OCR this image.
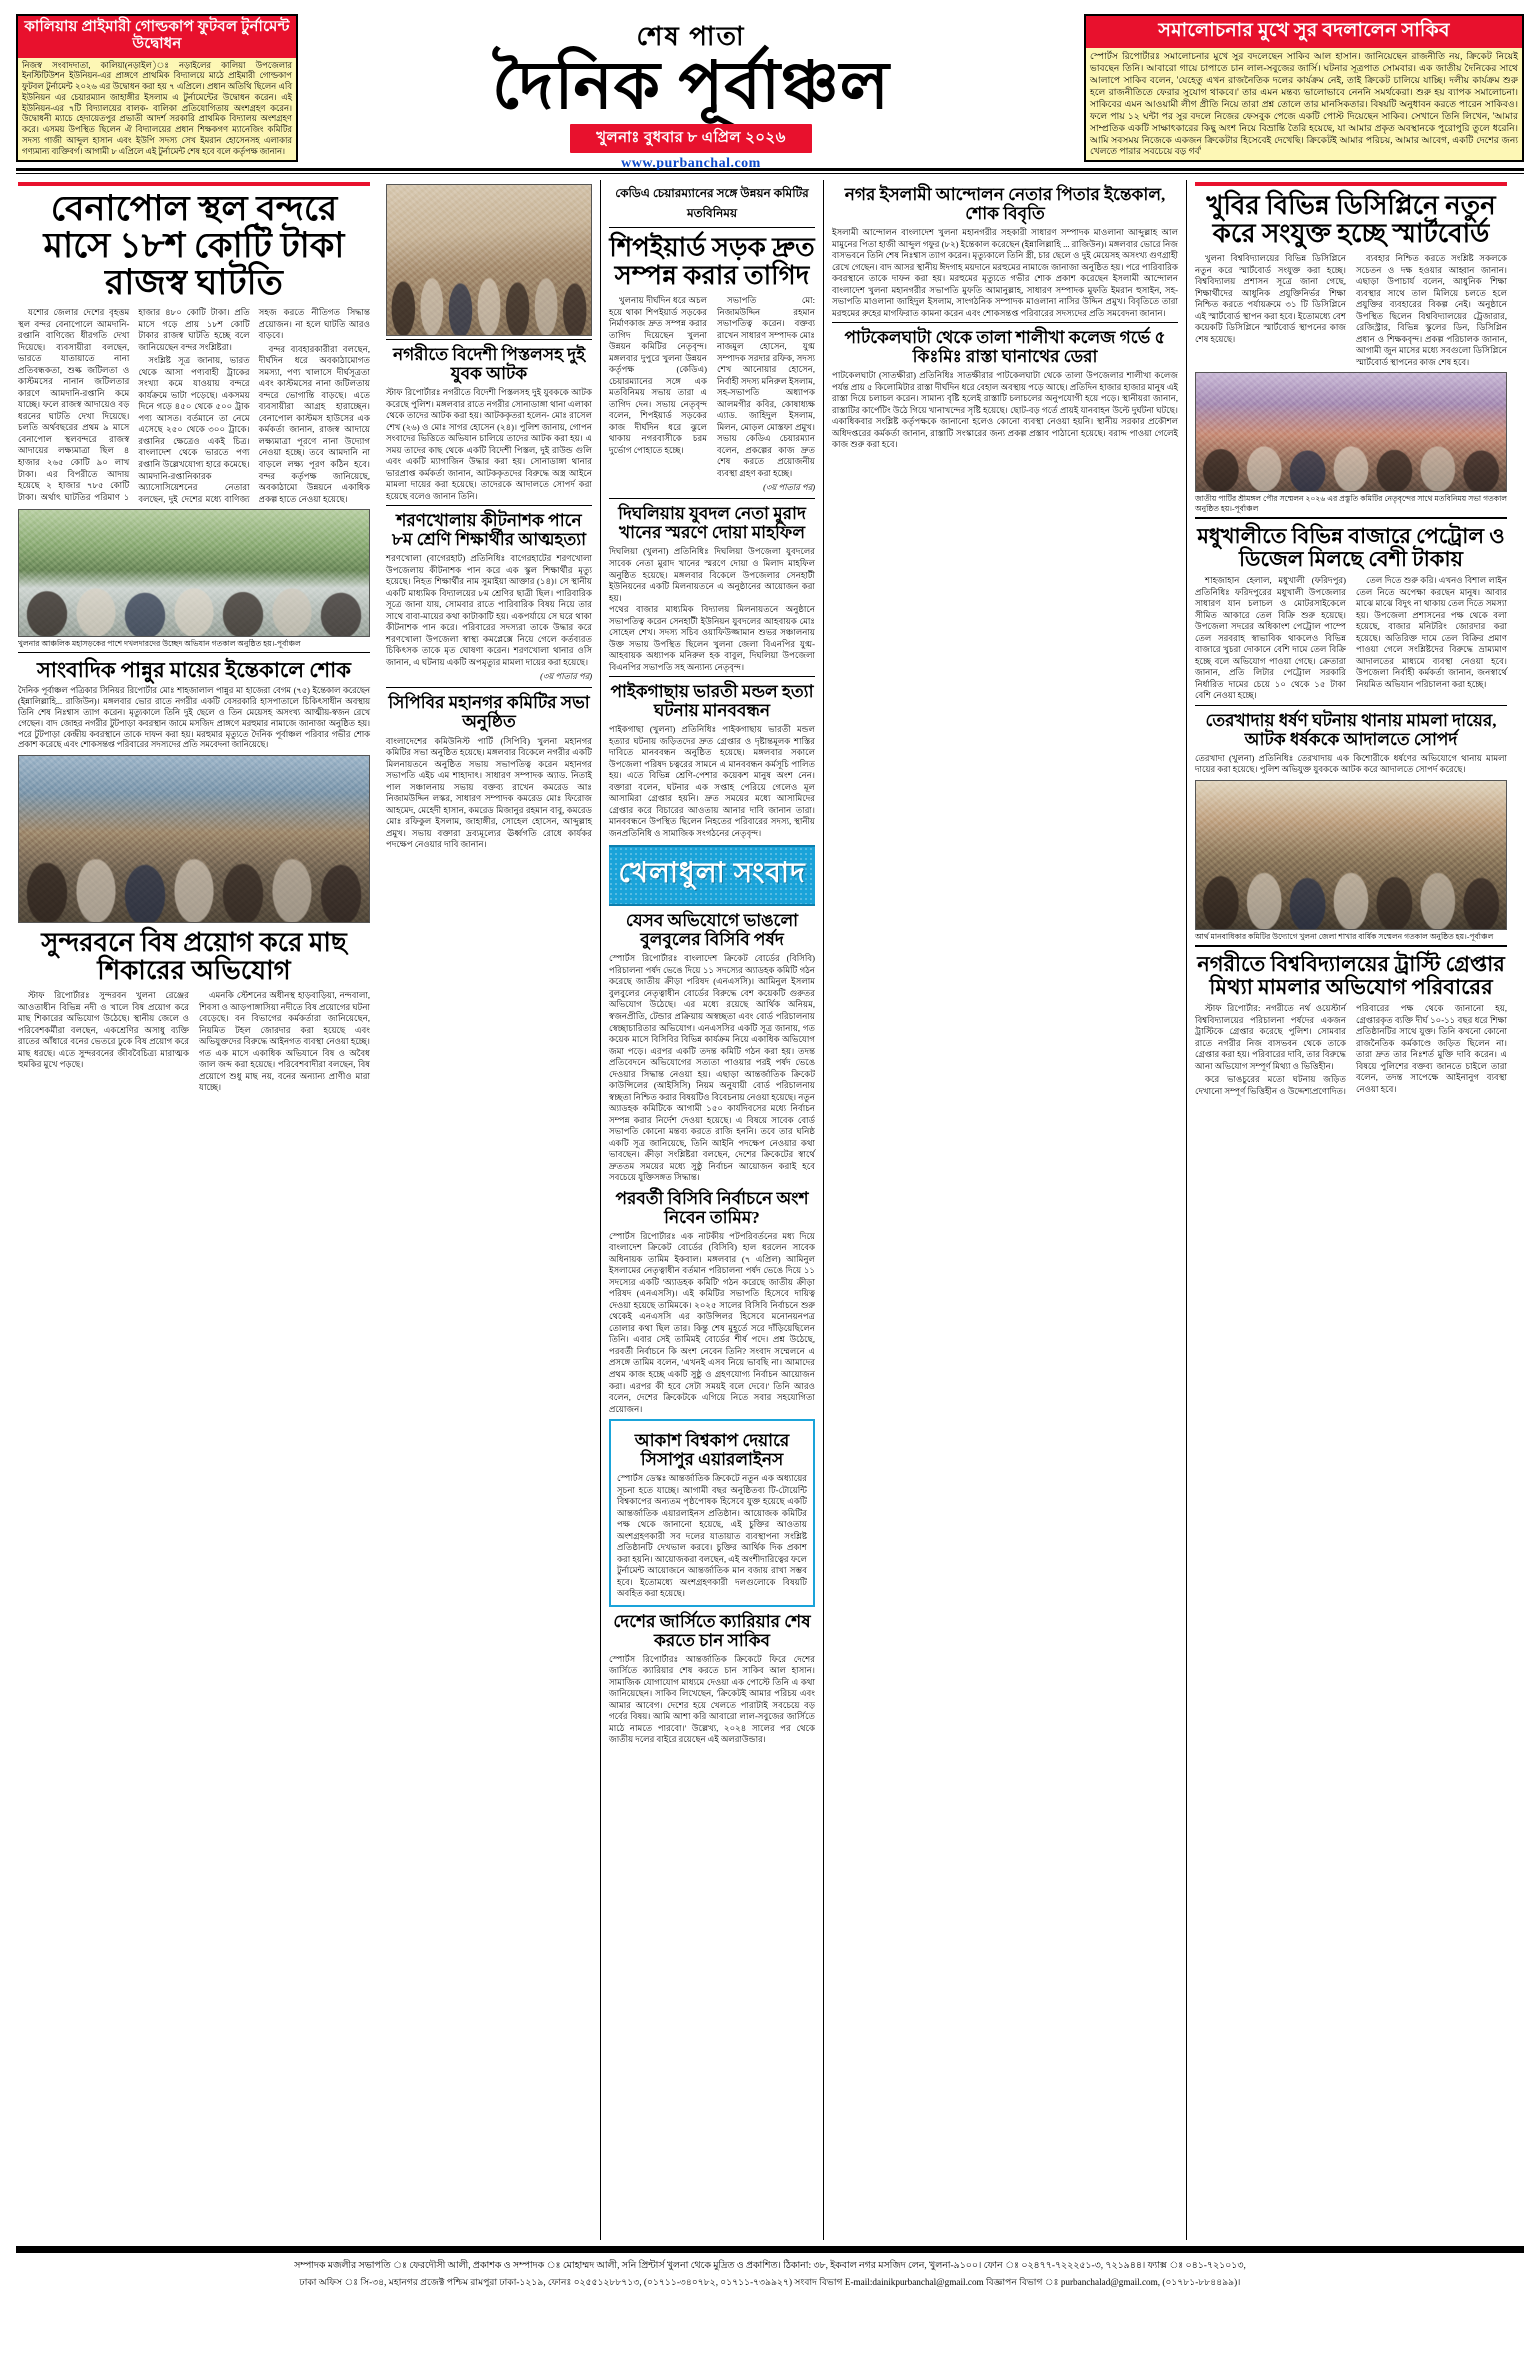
কালিয়ায় প্রাইমারী গোল্ডকাপ ফুটবল টুর্নামেন্ট উদ্বোধন
নিজস্ব সংবাদদাতা, কালিয়া(নড়াইল)ঃ নড়াইলের কালিয়া উপজেলার ইনস্টিটিউশন ইউনিয়ন-এর প্রাঙ্গণে প্রাথমিক বিদ্যালয়ে মাঠে প্রাইমারী গোল্ডকাপ ফুটবল টুর্নামেন্ট ২০২৬ এর উদ্বোধন করা হয় ৭ এপ্রিলে। প্রধান অতিথি ছিলেন এবি ইউনিয়ন এর চেয়ারম্যান জাহাঙ্গীর ইসলাম এ টুর্নামেন্টের উদ্বোধন করেন। এই ইউনিয়ন-এর ৭টি বিদ্যালয়ের বালক- বালিকা প্রতিযোগিতায় অংশগ্রহণ করেন। উদ্বোধনী ম্যাচে হেদায়েতপুর প্রভাতী আদর্শ সরকারি প্রাথমিক বিদ্যালয় অংশগ্রহণ করে। এসময় উপস্থিত ছিলেন ঐ বিদ্যালয়ের প্রধান শিক্ষকগণ ম্যানেজিং কমিটির সদস্য গাজী আব্দুল হাসান এবং ইউপি সদস্য সেখ ইমরান হোসেনসহ এলাকার গণ্যমান্য ব্যক্তিবর্গ। আগামী ৮ এপ্রিলে এই টুর্নামেন্ট শেষ হবে বলে কর্তৃপক্ষ জানান।
শেষ পাতা
দৈনিক পূর্বাঞ্চল
খুলনাঃ বুধবার ৮ এপ্রিল ২০২৬
www.purbanchal.com
সমালোচনার মুখে সুর বদলালেন সাকিব
স্পোর্টস রিপোর্টারঃ সমালোচনার মুখে সুর বদলেছেন সাকিব আল হাসান। জানিয়েছেন রাজনীতি নয়, ক্রিকেট নিয়েই ভাবছেন তিনি। আবারো গায়ে চাপাতে চান লাল-সবুজের জার্সি। ঘটনার সূত্রপাত সোমবার। এক জাতীয় দৈনিকের সাথে আলাপে সাকিব বলেন, 'যেহেতু এখন রাজনৈতিক দলের কার্যক্রম নেই, তাই ক্রিকেট চালিয়ে যাচ্ছি। দলীয় কার্যক্রম শুরু হলে রাজনীতিতে ফেরার সুযোগ থাকবে।' তার এমন মন্তব্য ভালোভাবে নেননি সমর্থকেরা। শুরু হয় ব্যাপক সমালোচনা। সাকিবের এমন আওয়ামী লীগ প্রীতি নিয়ে তারা প্রশ্ন তোলে তার মানসিকতার। বিষয়টি অনুধাবন করতে পারেন সাকিবও। ফলে পায় ১২ ঘন্টা পর সুর বদলে নিজের ফেসবুক পেজে একটি পোস্ট দিয়েছেন সাকিব। সেখানে তিনি লিখেন, 'আমার সাম্প্রতিক একটি সাক্ষাৎকারের কিছু অংশ নিয়ে বিভ্রান্তি তৈরি হয়েছে, যা আমার প্রকৃত অবস্থানকে পুরোপুরি তুলে ধরেনি। আমি সবসময় নিজেকে একজন ক্রিকেটার হিসেবেই দেখেছি। ক্রিকেটই আমার পরিচয়, আমার আবেগ, একটি দেশের জন্য খেলতে পারার সবচেয়ে বড় গর্ব'
বেনাপোল স্থল বন্দরে মাসে ১৮শ কোটি টাকা রাজস্ব ঘাটতি

যশোর জেলার দেশের বৃহত্তম স্থল বন্দর বেনাপোলে আমদানি-রপ্তানি বাণিজ্যে ধীরগতি দেখা দিয়েছে। ব্যবসায়ীরা বলছেন, ভারতে যাতায়াতে নানা প্রতিবন্ধকতা, শুল্ক জটিলতা ও কাস্টমসের নানান জটিলতার কারণে আমদানি-রপ্তানি কমে যাচ্ছে। ফলে রাজস্ব আদায়েও বড় ধরনের ঘাটতি দেখা দিয়েছে। চলতি অর্থবছরের প্রথম ৯ মাসে বেনাপোল স্থলবন্দরে রাজস্ব আদায়ের লক্ষ্যমাত্রা ছিল ৪ হাজার ২৬৫ কোটি ৯০ লাখ টাকা। এর বিপরীতে আদায় হয়েছে ২ হাজার ৭৮৫ কোটি টাকা। অর্থাৎ ঘাটতির পরিমাণ ১ হাজার ৪৮০ কোটি টাকা। প্রতি মাসে গড়ে প্রায় ১৮শ কোটি টাকার রাজস্ব ঘাটতি হচ্ছে বলে জানিয়েছেন বন্দর সংশ্লিষ্টরা।

সংশ্লিষ্ট সূত্র জানায়, ভারত থেকে আসা পণ্যবাহী ট্রাকের সংখ্যা কমে যাওয়ায় বন্দরে কার্যক্রমে ভাটা পড়েছে। একসময় দিনে গড়ে ৪৫০ থেকে ৫০০ ট্রাক পণ্য আসত। বর্তমানে তা নেমে এসেছে ২৫০ থেকে ৩০০ ট্রাকে। রপ্তানির ক্ষেত্রেও একই চিত্র। বাংলাদেশ থেকে ভারতে পণ্য রপ্তানি উল্লেখযোগ্য হারে কমেছে। আমদানি-রপ্তানিকারক অ্যাসোসিয়েশনের নেতারা বলছেন, দুই দেশের মধ্যে বাণিজ্য সহজ করতে নীতিগত সিদ্ধান্ত প্রয়োজন। না হলে ঘাটতি আরও বাড়বে।

বন্দর ব্যবহারকারীরা বলছেন, দীর্ঘদিন ধরে অবকাঠামোগত সমস্যা, পণ্য খালাসে দীর্ঘসূত্রতা এবং কাস্টমসের নানা জটিলতায় বন্দরে ভোগান্তি বাড়ছে। এতে ব্যবসায়ীরা আগ্রহ হারাচ্ছেন। বেনাপোল কাস্টমস হাউসের এক কর্মকর্তা জানান, রাজস্ব আদায়ে লক্ষ্যমাত্রা পূরণে নানা উদ্যোগ নেওয়া হচ্ছে। তবে আমদানি না বাড়লে লক্ষ্য পূরণ কঠিন হবে। বন্দর কর্তৃপক্ষ জানিয়েছে, অবকাঠামো উন্নয়নে একাধিক প্রকল্প হাতে নেওয়া হয়েছে।

খুলনার আঞ্চলিক মহাসড়কের পাশে দখলদারদের উচ্ছেদ অভিযান গতকাল অনুষ্ঠিত হয়।-পূর্বাঞ্চল
সাংবাদিক পান্নুর মায়ের ইন্তেকালে শোক
দৈনিক পূর্বাঞ্চল পত্রিকার সিনিয়র রিপোর্টার মোঃ শাহজালাল পান্নুর মা হাজেরা বেগম (৭৫) ইন্তেকাল করেছেন (ইন্নালিল্লাহি... রাজিউন)। মঙ্গলবার ভোর রাতে নগরীর একটি বেসরকারি হাসপাতালে চিকিৎসাধীন অবস্থায় তিনি শেষ নিঃশ্বাস ত্যাগ করেন। মৃত্যুকালে তিনি দুই ছেলে ও তিন মেয়েসহ অসংখ্য আত্মীয়-স্বজন রেখে গেছেন। বাদ জোহর নগরীর টুটপাড়া কবরস্থান জামে মসজিদ প্রাঙ্গণে মরহুমার নামাজে জানাজা অনুষ্ঠিত হয়। পরে টুটপাড়া কেন্দ্রীয় কবরস্থানে তাকে দাফন করা হয়। মরহুমার মৃত্যুতে দৈনিক পূর্বাঞ্চল পরিবার গভীর শোক প্রকাশ করেছে এবং শোকসন্তপ্ত পরিবারের সদস্যদের প্রতি সমবেদনা জানিয়েছে।
সুন্দরবনে বিষ প্রয়োগ করে মাছ শিকারের অভিযোগ

স্টাফ রিপোর্টারঃ সুন্দরবন খুলনা রেঞ্জের আওতাধীন বিভিন্ন নদী ও খালে বিষ প্রয়োগ করে মাছ শিকারের অভিযোগ উঠেছে। স্থানীয় জেলে ও পরিবেশকর্মীরা বলছেন, একশ্রেণির অসাধু ব্যক্তি রাতের আঁধারে বনের ভেতরে ঢুকে বিষ প্রয়োগ করে মাছ ধরছে। এতে সুন্দরবনের জীববৈচিত্র্য মারাত্মক হুমকির মুখে পড়ছে।

এমনকি স্টেশনের অধীনস্থ হাড়বাড়িয়া, নন্দবালা, শিবসা ও আড়পাঙ্গাসিয়া নদীতে বিষ প্রয়োগের ঘটনা বেড়েছে। বন বিভাগের কর্মকর্তারা জানিয়েছেন, নিয়মিত টহল জোরদার করা হয়েছে এবং অভিযুক্তদের বিরুদ্ধে আইনগত ব্যবস্থা নেওয়া হচ্ছে। গত এক মাসে একাধিক অভিযানে বিষ ও অবৈধ জাল জব্দ করা হয়েছে। পরিবেশবাদীরা বলছেন, বিষ প্রয়োগে শুধু মাছ নয়, বনের অন্যান্য প্রাণীও মারা যাচ্ছে।

নগরীতে বিদেশী পিস্তলসহ দুই যুবক আটক
স্টাফ রিপোর্টারঃ নগরীতে বিদেশী পিস্তলসহ দুই যুবককে আটক করেছে পুলিশ। মঙ্গলবার রাতে নগরীর সোনাডাঙ্গা থানা এলাকা থেকে তাদের আটক করা হয়। আটককৃতরা হলেন- মোঃ রাসেল শেখ (২৬) ও মোঃ সাগর হোসেন (২৪)। পুলিশ জানায়, গোপন সংবাদের ভিত্তিতে অভিযান চালিয়ে তাদের আটক করা হয়। এ সময় তাদের কাছ থেকে একটি বিদেশী পিস্তল, দুই রাউন্ড গুলি এবং একটি ম্যাগাজিন উদ্ধার করা হয়। সোনাডাঙ্গা থানার ভারপ্রাপ্ত কর্মকর্তা জানান, আটককৃতদের বিরুদ্ধে অস্ত্র আইনে মামলা দায়ের করা হয়েছে। তাদেরকে আদালতে সোপর্দ করা হয়েছে বলেও জানান তিনি।
শরণখোলায় কীটনাশক পানে ৮ম শ্রেণি শিক্ষার্থীর আত্মহত্যা
শরণখোলা (বাগেরহাট) প্রতিনিধিঃ বাগেরহাটের শরণখোলা উপজেলায় কীটনাশক পান করে এক স্কুল শিক্ষার্থীর মৃত্যু হয়েছে। নিহত শিক্ষার্থীর নাম সুমাইয়া আক্তার (১৪)। সে স্থানীয় একটি মাধ্যমিক বিদ্যালয়ের ৮ম শ্রেণির ছাত্রী ছিল। পারিবারিক সূত্রে জানা যায়, সোমবার রাতে পারিবারিক বিষয় নিয়ে তার সাথে বাবা-মায়ের কথা কাটাকাটি হয়। একপর্যায়ে সে ঘরে থাকা কীটনাশক পান করে। পরিবারের সদস্যরা তাকে উদ্ধার করে শরণখোলা উপজেলা স্বাস্থ্য কমপ্লেক্সে নিয়ে গেলে কর্তব্যরত চিকিৎসক তাকে মৃত ঘোষণা করেন। শরণখোলা থানার ওসি জানান, এ ঘটনায় একটি অপমৃত্যুর মামলা দায়ের করা হয়েছে।
(৩য় পাতার পর)
সিপিবির মহানগর কমিটির সভা অনুষ্ঠিত
বাংলাদেশের কমিউনিস্ট পার্টি (সিপিবি) খুলনা মহানগর কমিটির সভা অনুষ্ঠিত হয়েছে। মঙ্গলবার বিকেলে নগরীর একটি মিলনায়তনে অনুষ্ঠিত সভায় সভাপতিত্ব করেন মহানগর সভাপতি এইচ এম শাহাদাৎ। সাধারণ সম্পাদক অ্যাড. নিতাই পাল সঞ্চালনায় সভায় বক্তব্য রাখেন কমরেড আঃ নিজামউদ্দিন লস্কর, সাধারণ সম্পাদক কমরেড মোঃ ফিরোজ আহমেদ, মেহেদী হাসান, কমরেড মিজানুর রহমান বাবু, কমরেড মোঃ রফিকুল ইসলাম, জাহাঙ্গীর, সোহেল হোসেন, আব্দুল্লাহ প্রমুখ। সভায় বক্তারা দ্রব্যমূল্যের ঊর্ধ্বগতি রোধে কার্যকর পদক্ষেপ নেওয়ার দাবি জানান।
কেডিএ চেয়ারম্যানের সঙ্গে উন্নয়ন কমিটির মতবিনিময়
শিপইয়ার্ড সড়ক দ্রুত সম্পন্ন করার তাগিদ

খুলনায় দীর্ঘদিন ধরে অচল হয়ে থাকা শিপইয়ার্ড সড়কের নির্মাণকাজ দ্রুত সম্পন্ন করার তাগিদ দিয়েছেন খুলনা উন্নয়ন কমিটির নেতৃবৃন্দ। মঙ্গলবার দুপুরে খুলনা উন্নয়ন কর্তৃপক্ষ (কেডিএ) চেয়ারম্যানের সঙ্গে এক মতবিনিময় সভায় তারা এ তাগিদ দেন। সভায় নেতৃবৃন্দ বলেন, শিপইয়ার্ড সড়কের কাজ দীর্ঘদিন ধরে ঝুলে থাকায় নগরবাসীকে চরম দুর্ভোগ পোহাতে হচ্ছে।

সভাপতি মো: নিজামউদ্দিন রহমান সভাপতিত্ব করেন। বক্তব্য রাখেন সাধারণ সম্পাদক মোঃ নাজমুল হোসেন, যুগ্ম সম্পাদক সরদার রফিক, সদস্য শেখ আনোয়ার হোসেন, নির্বাহী সদস্য মনিরুল ইসলাম, সহ-সভাপতি অধ্যাপক আলমগীর কবির, কোষাধ্যক্ষ এ্যাড. জাহিদুল ইসলাম, মিলন, মোড়ল মোস্তফা প্রমুখ। সভায় কেডিএ চেয়ারম্যান বলেন, প্রকল্পের কাজ দ্রুত শেষ করতে প্রয়োজনীয় ব্যবস্থা গ্রহণ করা হচ্ছে।

(৩য় পাতার পর)
দিঘলিয়ায় যুবদল নেতা মুরাদ খানের স্মরণে দোয়া মাহফিল
দিঘলিয়া (খুলনা) প্রতিনিধিঃ দিঘলিয়া উপজেলা যুবদলের সাবেক নেতা মুরাদ খানের স্মরণে দোয়া ও মিলাদ মাহফিল অনুষ্ঠিত হয়েছে। মঙ্গলবার বিকেলে উপজেলার সেনহাটী ইউনিয়নের একটি মিলনায়তনে এ অনুষ্ঠানের আয়োজন করা হয়।
পথের বাজার মাধ্যমিক বিদ্যালয় মিলনায়তনে অনুষ্ঠানে সভাপতিত্ব করেন সেনহাটী ইউনিয়ন যুবদলের আহবায়ক মোঃ সোহেল শেখ। সদস্য সচিব ওয়াফিউজ্জামান শুভর সঞ্চালনায় উক্ত সভায় উপস্থিত ছিলেন খুলনা জেলা বিএনপির যুগ্ম-আহবায়ক অধ্যাপক মনিরুল হক বাবুল, দিঘলিয়া উপজেলা বিএনপির সভাপতি সহ অন্যান্য নেতৃবৃন্দ।
পাইকগাছায় ভারতী মন্ডল হত্যা ঘটনায় মানববন্ধন
পাইকগাছা (খুলনা) প্রতিনিধিঃ পাইকগাছায় ভারতী মন্ডল হত্যার ঘটনায় জড়িতদের দ্রুত গ্রেপ্তার ও দৃষ্টান্তমূলক শাস্তির দাবিতে মানববন্ধন অনুষ্ঠিত হয়েছে। মঙ্গলবার সকালে উপজেলা পরিষদ চত্বরের সামনে এ মানববন্ধন কর্মসূচি পালিত হয়। এতে বিভিন্ন শ্রেণি-পেশার কয়েকশ মানুষ অংশ নেন। বক্তারা বলেন, ঘটনার এক সপ্তাহ পেরিয়ে গেলেও মূল আসামিরা গ্রেপ্তার হয়নি। দ্রুত সময়ের মধ্যে আসামিদের গ্রেপ্তার করে বিচারের আওতায় আনার দাবি জানান তারা। মানববন্ধনে উপস্থিত ছিলেন নিহতের পরিবারের সদস্য, স্থানীয় জনপ্রতিনিধি ও সামাজিক সংগঠনের নেতৃবৃন্দ।
খেলাধুলা সংবাদ
যেসব অভিযোগে ভাঙলো বুলবুলের বিসিবি পর্ষদ
স্পোর্টস রিপোর্টারঃ বাংলাদেশ ক্রিকেট বোর্ডের (বিসিবি) পরিচালনা পর্ষদ ভেঙে দিয়ে ১১ সদস্যের অ্যাডহক কমিটি গঠন করেছে জাতীয় ক্রীড়া পরিষদ (এনএসসি)। আমিনুল ইসলাম বুলবুলের নেতৃত্বাধীন বোর্ডের বিরুদ্ধে বেশ কয়েকটি গুরুতর অভিযোগ উঠেছে। এর মধ্যে রয়েছে আর্থিক অনিয়ম, স্বজনপ্রীতি, টেন্ডার প্রক্রিয়ায় অস্বচ্ছতা এবং বোর্ড পরিচালনায় স্বেচ্ছাচারিতার অভিযোগ। এনএসসির একটি সূত্র জানায়, গত কয়েক মাসে বিসিবির বিভিন্ন কার্যক্রম নিয়ে একাধিক অভিযোগ জমা পড়ে। এরপর একটি তদন্ত কমিটি গঠন করা হয়। তদন্ত প্রতিবেদনে অভিযোগের সত্যতা পাওয়ার পরই পর্ষদ ভেঙে দেওয়ার সিদ্ধান্ত নেওয়া হয়। এছাড়া আন্তর্জাতিক ক্রিকেট কাউন্সিলের (আইসিসি) নিয়ম অনুযায়ী বোর্ড পরিচালনায় স্বচ্ছতা নিশ্চিত করার বিষয়টিও বিবেচনায় নেওয়া হয়েছে। নতুন অ্যাডহক কমিটিকে আগামী ১৫০ কার্যদিবসের মধ্যে নির্বাচন সম্পন্ন করার নির্দেশ দেওয়া হয়েছে। এ বিষয়ে সাবেক বোর্ড সভাপতি কোনো মন্তব্য করতে রাজি হননি। তবে তার ঘনিষ্ঠ একটি সূত্র জানিয়েছে, তিনি আইনি পদক্ষেপ নেওয়ার কথা ভাবছেন। ক্রীড়া সংশ্লিষ্টরা বলছেন, দেশের ক্রিকেটের স্বার্থে দ্রুততম সময়ের মধ্যে সুষ্ঠু নির্বাচন আয়োজন করাই হবে সবচেয়ে যুক্তিসঙ্গত সিদ্ধান্ত।
পরবর্তী বিসিবি নির্বাচনে অংশ নিবেন তামিম?
স্পোর্টস রিপোর্টারঃ এক নাটকীয় পটপরিবর্তনের মধ্য দিয়ে বাংলাদেশ ক্রিকেট বোর্ডের (বিসিবি) হাল ধরলেন সাবেক অধিনায়ক তামিম ইকবাল। মঙ্গলবার (৭ এপ্রিল) আমিনুল ইসলামের নেতৃত্বাধীন বর্তমান পরিচালনা পর্ষদ ভেঙে দিয়ে ১১ সদস্যের একটি 'অ্যাডহক কমিটি' গঠন করেছে জাতীয় ক্রীড়া পরিষদ (এনএসসি)। এই কমিটির সভাপতি হিসেবে দায়িত্ব দেওয়া হয়েছে তামিমকে। ২০২৫ সালের বিসিবি নির্বাচনে শুরু থেকেই এনএসসি এর কাউন্সিলর হিসেবে মনোনয়নপত্র তোলার কথা ছিল তার। কিন্তু শেষ মুহূর্তে সরে দাঁড়িয়েছিলেন তিনি। এবার সেই তামিমই বোর্ডের শীর্ষ পদে। প্রশ্ন উঠেছে, পরবর্তী নির্বাচনে কি অংশ নেবেন তিনি? সংবাদ সম্মেলনে এ প্রসঙ্গে তামিম বলেন, 'এখনই এসব নিয়ে ভাবছি না। আমাদের প্রথম কাজ হচ্ছে একটি সুষ্ঠু ও গ্রহণযোগ্য নির্বাচন আয়োজন করা। এরপর কী হবে সেটা সময়ই বলে দেবে।' তিনি আরও বলেন, দেশের ক্রিকেটকে এগিয়ে নিতে সবার সহযোগিতা প্রয়োজন।
আকাশ বিশ্বকাপ দেয়ারে সিসাপুর এয়ারলাইনস
স্পোর্টস ডেস্কঃ আন্তর্জাতিক ক্রিকেটে নতুন এক অধ্যায়ের সূচনা হতে যাচ্ছে। আগামী বছর অনুষ্ঠিতব্য টি-টোয়েন্টি বিশ্বকাপের অন্যতম পৃষ্ঠপোষক হিসেবে যুক্ত হয়েছে একটি আন্তর্জাতিক এয়ারলাইনস প্রতিষ্ঠান। আয়োজক কমিটির পক্ষ থেকে জানানো হয়েছে, এই চুক্তির আওতায় অংশগ্রহণকারী সব দলের যাতায়াত ব্যবস্থাপনা সংশ্লিষ্ট প্রতিষ্ঠানটি দেখভাল করবে। চুক্তির আর্থিক দিক প্রকাশ করা হয়নি। আয়োজকরা বলছেন, এই অংশীদারিত্বের ফলে টুর্নামেন্ট আয়োজনে আন্তর্জাতিক মান বজায় রাখা সম্ভব হবে। ইতোমধ্যে অংশগ্রহণকারী দলগুলোকে বিষয়টি অবহিত করা হয়েছে।
দেশের জার্সিতে ক্যারিয়ার শেষ করতে চান সাকিব
স্পোর্টস রিপোর্টারঃ আন্তর্জাতিক ক্রিকেটে ফিরে দেশের জার্সিতে ক্যারিয়ার শেষ করতে চান সাকিব আল হাসান। সামাজিক যোগাযোগ মাধ্যমে দেওয়া এক পোস্টে তিনি এ কথা জানিয়েছেন। সাকিব লিখেছেন, 'ক্রিকেটই আমার পরিচয় এবং আমার আবেগ। দেশের হয়ে খেলতে পারাটাই সবচেয়ে বড় গর্বের বিষয়। আমি আশা করি আবারো লাল-সবুজের জার্সিতে মাঠে নামতে পারবো।' উল্লেখ্য, ২০২৪ সালের পর থেকে জাতীয় দলের বাইরে রয়েছেন এই অলরাউন্ডার।
নগর ইসলামী আন্দোলন নেতার পিতার ইন্তেকাল, শোক বিবৃতি
ইসলামী আন্দোলন বাংলাদেশ খুলনা মহানগরীর সহকারী সাধারণ সম্পাদক মাওলানা আব্দুল্লাহ আল মামুনের পিতা হাজী আব্দুল গফুর (৮২) ইন্তেকাল করেছেন (ইন্নালিল্লাহি ... রাজিউন)। মঙ্গলবার ভোরে নিজ বাসভবনে তিনি শেষ নিঃশ্বাস ত্যাগ করেন। মৃত্যুকালে তিনি স্ত্রী, চার ছেলে ও দুই মেয়েসহ অসংখ্য গুণগ্রাহী রেখে গেছেন। বাদ আসর স্থানীয় ঈদগাহ ময়দানে মরহুমের নামাজে জানাজা অনুষ্ঠিত হয়। পরে পারিবারিক কবরস্থানে তাকে দাফন করা হয়। মরহুমের মৃত্যুতে গভীর শোক প্রকাশ করেছেন ইসলামী আন্দোলন বাংলাদেশ খুলনা মহানগরীর সভাপতি মুফতি আমানুল্লাহ, সাধারণ সম্পাদক মুফতি ইমরান হুসাইন, সহ-সভাপতি মাওলানা জাহিদুল ইসলাম, সাংগঠনিক সম্পাদক মাওলানা নাসির উদ্দিন প্রমুখ। বিবৃতিতে তারা মরহুমের রুহের মাগফিরাত কামনা করেন এবং শোকসন্তপ্ত পরিবারের সদস্যদের প্রতি সমবেদনা জানান।
পাটকেলঘাটা থেকে তালা শালীখা কলেজ গর্ভে ৫ কিঃমিঃ রাস্তা ঘানাথের ডেরা
পাটকেলঘাটা (সাতক্ষীরা) প্রতিনিধিঃ সাতক্ষীরার পাটকেলঘাটা থেকে তালা উপজেলার শালীখা কলেজ পর্যন্ত প্রায় ৫ কিলোমিটার রাস্তা দীর্ঘদিন ধরে বেহাল অবস্থায় পড়ে আছে। প্রতিদিন হাজার হাজার মানুষ এই রাস্তা দিয়ে চলাচল করেন। সামান্য বৃষ্টি হলেই রাস্তাটি চলাচলের অনুপযোগী হয়ে পড়ে। স্থানীয়রা জানান, রাস্তাটির কার্পেটিং উঠে গিয়ে খানাখন্দের সৃষ্টি হয়েছে। ছোট-বড় গর্তে প্রায়ই যানবাহন উল্টে দুর্ঘটনা ঘটছে। একাধিকবার সংশ্লিষ্ট কর্তৃপক্ষকে জানানো হলেও কোনো ব্যবস্থা নেওয়া হয়নি। স্থানীয় সরকার প্রকৌশল অধিদপ্তরের কর্মকর্তা জানান, রাস্তাটি সংস্কারের জন্য প্রকল্প প্রস্তাব পাঠানো হয়েছে। বরাদ্দ পাওয়া গেলেই কাজ শুরু করা হবে।
খুবির বিভিন্ন ডিসিপ্লিনে নতুন করে সংযুক্ত হচ্ছে স্মার্টবোর্ড

খুলনা বিশ্ববিদ্যালয়ের বিভিন্ন ডিসিপ্লিনে নতুন করে স্মার্টবোর্ড সংযুক্ত করা হচ্ছে। বিশ্ববিদ্যালয় প্রশাসন সূত্রে জানা গেছে, শিক্ষার্থীদের আধুনিক প্রযুক্তিনির্ভর শিক্ষা নিশ্চিত করতে পর্যায়ক্রমে ৩১ টি ডিসিপ্লিনে এই স্মার্টবোর্ড স্থাপন করা হবে। ইতোমধ্যে বেশ কয়েকটি ডিসিপ্লিনে স্মার্টবোর্ড স্থাপনের কাজ শেষ হয়েছে।

ব্যবহার নিশ্চিত করতে সংশ্লিষ্ট সকলকে সচেতন ও দক্ষ হওয়ার আহ্বান জানান। এছাড়া উপাচার্য বলেন, আধুনিক শিক্ষা ব্যবস্থার সাথে তাল মিলিয়ে চলতে হলে প্রযুক্তির ব্যবহারের বিকল্প নেই। অনুষ্ঠানে উপস্থিত ছিলেন বিশ্ববিদ্যালয়ের ট্রেজারার, রেজিস্ট্রার, বিভিন্ন স্কুলের ডিন, ডিসিপ্লিন প্রধান ও শিক্ষকবৃন্দ। প্রকল্প পরিচালক জানান, আগামী জুন মাসের মধ্যে সবগুলো ডিসিপ্লিনে স্মার্টবোর্ড স্থাপনের কাজ শেষ হবে।

জাতীয় পার্টির শ্রীমঙ্গল পৌর সম্মেলন ২০২৬ এর প্রস্তুতি কমিটির নেতৃবৃন্দের সাথে মতবিনিময় সভা গতকাল অনুষ্ঠিত হয়।-পূর্বাঞ্চল
মধুখালীতে বিভিন্ন বাজারে পেট্রোল ও ডিজেল মিলছে বেশী টাকায়

শাহজাহান হেলাল, মধুখালী (ফরিদপুর) প্রতিনিধিঃ ফরিদপুরের মধুখালী উপজেলার সাধারণ যান চলাচল ও মোটরসাইকেলে সীমিত আকারে তেল বিক্রি শুরু হয়েছে। উপজেলা সদরের অধিকাংশ পেট্রোল পাম্পে তেল সরবরাহ স্বাভাবিক থাকলেও বিভিন্ন বাজারে খুচরা দোকানে বেশি দামে তেল বিক্রি হচ্ছে বলে অভিযোগ পাওয়া গেছে। ক্রেতারা জানান, প্রতি লিটার পেট্রোল সরকারি নির্ধারিত দামের চেয়ে ১০ থেকে ১৫ টাকা বেশি নেওয়া হচ্ছে।

তেল দিতে শুরু করি। এখনও বিশাল লাইন তেল নিতে অপেক্ষা করছেন মানুষ। আবার মাঝে মাঝে বিদুৎ না থাকায় তেল দিতে সমস্যা হয়। উপজেলা প্রশাসনের পক্ষ থেকে বলা হয়েছে, বাজার মনিটরিং জোরদার করা হয়েছে। অতিরিক্ত দামে তেল বিক্রির প্রমাণ পাওয়া গেলে সংশ্লিষ্টদের বিরুদ্ধে ভ্রাম্যমাণ আদালতের মাধ্যমে ব্যবস্থা নেওয়া হবে। উপজেলা নির্বাহী কর্মকর্তা জানান, জনস্বার্থে নিয়মিত অভিযান পরিচালনা করা হচ্ছে।

তেরখাদায় ধর্ষণ ঘটনায় থানায় মামলা দায়ের, আটক ধর্ষককে আদালতে সোপর্দ
তেরখাদা (খুলনা) প্রতিনিধিঃ তেরখাদায় এক কিশোরীকে ধর্ষণের অভিযোগে থানায় মামলা দায়ের করা হয়েছে। পুলিশ অভিযুক্ত যুবককে আটক করে আদালতে সোপর্দ করেছে।
আর্থ মানবাধিকার কমিটির উদ্যোগে খুলনা জেলা শাখার বার্ষিক সম্মেলন গতকাল অনুষ্ঠিত হয়।-পূর্বাঞ্চল
নগরীতে বিশ্ববিদ্যালয়ের ট্রাস্টি গ্রেপ্তার মিথ্যা মামলার অভিযোগ পরিবারের

স্টাফ রিপোর্টার: নগরীতে নর্থ ওয়েস্টার্ন বিশ্ববিদ্যালয়ের পরিচালনা পর্ষদের একজন ট্রাস্টিকে গ্রেপ্তার করেছে পুলিশ। সোমবার রাতে নগরীর নিজ বাসভবন থেকে তাকে গ্রেপ্তার করা হয়। পরিবারের দাবি, তার বিরুদ্ধে আনা অভিযোগ সম্পূর্ণ মিথ্যা ও ভিত্তিহীন।

করে ভাঙচুরের মতো ঘটনায় জড়িত দেখানো সম্পূর্ণ ভিত্তিহীন ও উদ্দেশ্যপ্রণোদিত। পরিবারের পক্ষ থেকে জানানো হয়, গ্রেপ্তারকৃত ব্যক্তি দীর্ঘ ১০-১১ বছর ধরে শিক্ষা প্রতিষ্ঠানটির সাথে যুক্ত। তিনি কখনো কোনো রাজনৈতিক কর্মকাণ্ডে জড়িত ছিলেন না। তারা দ্রুত তার নিঃশর্ত মুক্তি দাবি করেন। এ বিষয়ে পুলিশের বক্তব্য জানতে চাইলে তারা বলেন, তদন্ত সাপেক্ষে আইনানুগ ব্যবস্থা নেওয়া হবে।

সম্পাদক মজলীর সভাপতি ঃ ফেরদৌসী আলী, প্রকাশক ও সম্পাদক ঃ মোহাম্মদ আলী, সনি প্রিন্টার্স খুলনা থেকে মুদ্রিত ও প্রকাশিত। ঠিকানা: ৩৮, ইকবাল নগর মসজিদ লেন, খুলনা-৯১০০। ফোন ঃ ০২৪৭৭-৭২২২৫১-৩, ৭২১৯৪৪। ফ্যাক্স ঃ ০৪১-৭২১০১৩,
ঢাকা অফিস ঃ সি-৩৪, মহানগর প্রজেক্ট পশ্চিম রামপুরা ঢাকা-১২১৯, ফোনঃ ০২৫৫১২৮৮৭১৩, (০১৭১১-৩৪০৭৮২, ০১৭১১-৭৩৯৯২৭) সংবাদ বিভাগ E-mail:dainikpurbanchal@gmail.com বিজ্ঞাপন বিভাগ ঃ purbanchalad@gmail.com, (০১৭৮১-৮৮৪৪৯৯)।
